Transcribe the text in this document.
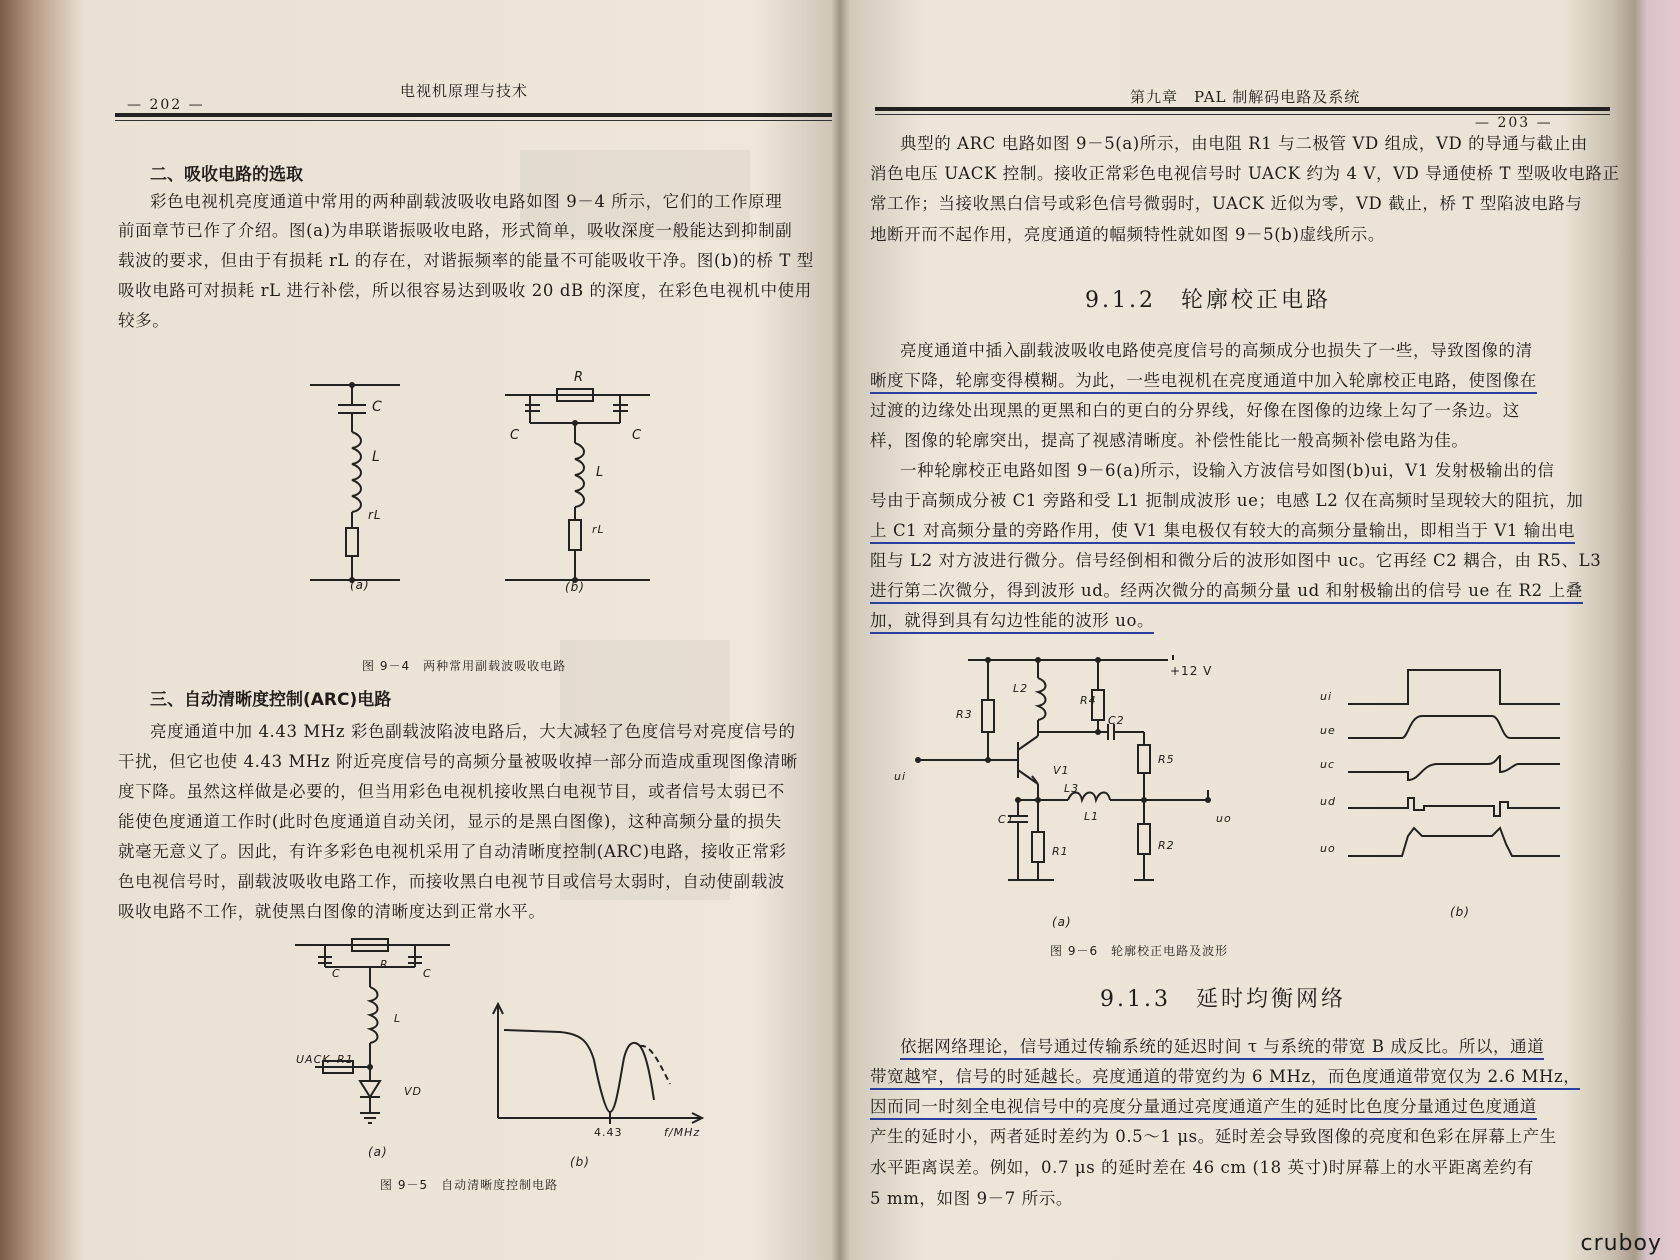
— 202 —
电视机原理与技术
二、吸收电路的选取
彩色电视机亮度通道中常用的两种副载波吸收电路如图 9－4 所示，它们的工作原理
前面章节已作了介绍。图(a)为串联谐振吸收电路，形式简单，吸收深度一般能达到抑制副
载波的要求，但由于有损耗 rL 的存在，对谐振频率的能量不可能吸收干净。图(b)的桥 T 型
吸收电路可对损耗 rL 进行补偿，所以很容易达到吸收 20 dB 的深度，在彩色电视机中使用
较多。
C
L
rL
(a)
R
C	C
L
rL
(b)
图 9－4　两种常用副载波吸收电路
三、自动清晰度控制(ARC)电路
亮度通道中加 4.43 MHz 彩色副载波陷波电路后，大大减轻了色度信号对亮度信号的
干扰，但它也使 4.43 MHz 附近亮度信号的高频分量被吸收掉一部分而造成重现图像清晰
度下降。虽然这样做是必要的，但当用彩色电视机接收黑白电视节目，或者信号太弱已不
能使色度通道工作时(此时色度通道自动关闭，显示的是黑白图像)，这种高频分量的损失
就毫无意义了。因此，有许多彩色电视机采用了自动清晰度控制(ARC)电路，接收正常彩
色电视信号时，副载波吸收电路工作，而接收黑白电视节目或信号太弱时，自动使副载波
吸收电路不工作，就使黑白图像的清晰度达到正常水平。
C
R
C
L
UACK R1
VD
(a)
4.43	f/MHz
(b)
图 9－5　自动清晰度控制电路
第九章　PAL 制解码电路及系统
— 203 —
典型的 ARC 电路如图 9－5(a)所示，由电阻 R1 与二极管 VD 组成，VD 的导通与截止由
消色电压 UACK 控制。接收正常彩色电视信号时 UACK 约为 4 V，VD 导通使桥 T 型吸收电路正
常工作；当接收黑白信号或彩色信号微弱时，UACK 近似为零，VD 截止，桥 T 型陷波电路与
地断开而不起作用，亮度通道的幅频特性就如图 9－5(b)虚线所示。
9.1.2　轮廓校正电路
亮度通道中插入副载波吸收电路使亮度信号的高频成分也损失了一些，导致图像的清
晰度下降，轮廓变得模糊。为此，一些电视机在亮度通道中加入轮廓校正电路，使图像在
过渡的边缘处出现黑的更黑和白的更白的分界线，好像在图像的边缘上勾了一条边。这
样，图像的轮廓突出，提高了视感清晰度。补偿性能比一般高频补偿电路为佳。
一种轮廓校正电路如图 9－6(a)所示，设输入方波信号如图(b)ui，V1 发射极输出的信
号由于高频成分被 C1 旁路和受 L1 扼制成波形 ue；电感 L2 仅在高频时呈现较大的阻抗，加
上 C1 对高频分量的旁路作用，使 V1 集电极仅有较大的高频分量输出，即相当于 V1 输出电
阻与 L2 对方波进行微分。信号经倒相和微分后的波形如图中 uc。它再经 C2 耦合，由 R5、L3
进行第二次微分，得到波形 ud。经两次微分的高频分量 ud 和射极输出的信号 ue 在 R2 上叠
加，就得到具有勾边性能的波形 uo。
+12 V
L2
R4
R3	C2
R5
V1
L3
C1	L1
R1	R2
ui
uo
(a)
ui
ue
uc
ud
uo
(b)
图 9－6　轮廓校正电路及波形
9.1.3　延时均衡网络
依据网络理论，信号通过传输系统的延迟时间 τ 与系统的带宽 B 成反比。所以，通道
带宽越窄，信号的时延越长。亮度通道的带宽约为 6 MHz，而色度通道带宽仅为 2.6 MHz，
因而同一时刻全电视信号中的亮度分量通过亮度通道产生的延时比色度分量通过色度通道
产生的延时小，两者延时差约为 0.5～1 μs。延时差会导致图像的亮度和色彩在屏幕上产生
水平距离误差。例如，0.7 μs 的延时差在 46 cm (18 英寸)时屏幕上的水平距离差约有
5 mm，如图 9－7 所示。
cruboy
